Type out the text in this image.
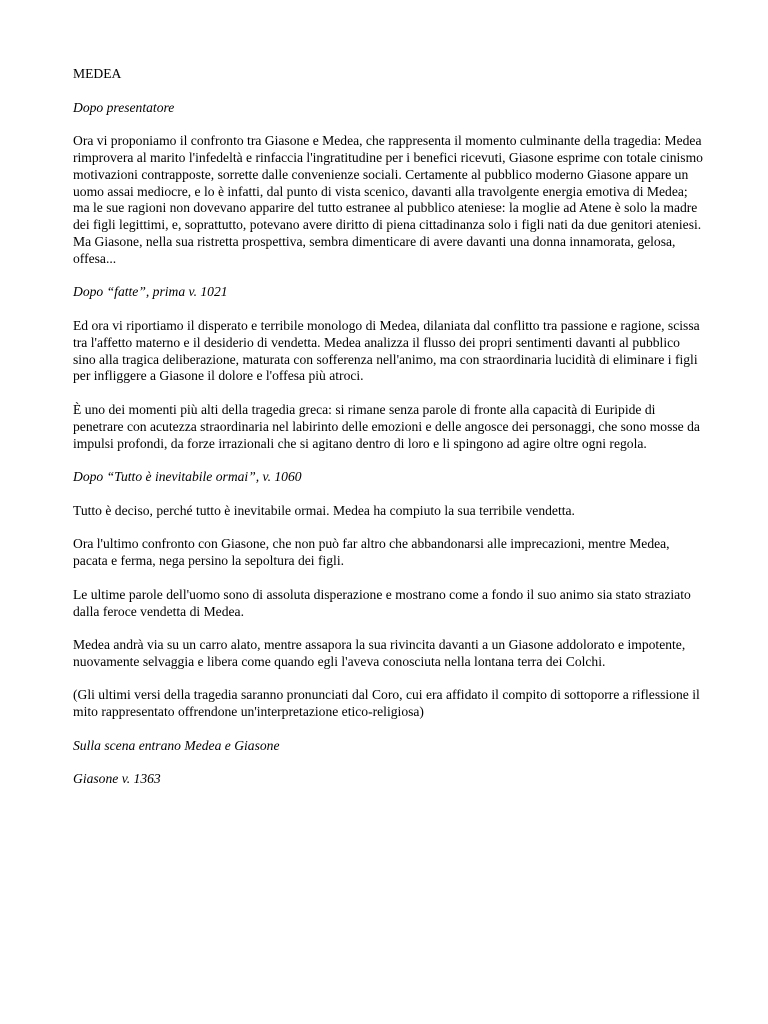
MEDEA

Dopo presentatore

Ora vi proponiamo il confronto tra Giasone e Medea, che rappresenta il momento culminante della tragedia: Medea rimprovera al marito l'infedeltà e rinfaccia l'ingratitudine per i benefici ricevuti, Giasone esprime con totale cinismo motivazioni contrapposte, sorrette dalle convenienze sociali. Certamente al pubblico moderno Giasone appare un uomo assai mediocre, e lo è infatti, dal punto di vista scenico, davanti alla travolgente energia emotiva di Medea; ma le sue ragioni non dovevano apparire del tutto estranee al pubblico ateniese: la moglie ad Atene è solo la madre dei figli legittimi, e, soprattutto, potevano avere diritto di piena cittadinanza solo i figli nati da due genitori ateniesi. Ma Giasone, nella sua ristretta prospettiva, sembra dimenticare di avere davanti una donna innamorata, gelosa, offesa...

Dopo “fatte”, prima v. 1021

Ed ora vi riportiamo il disperato e terribile monologo di Medea, dilaniata dal conflitto tra passione e ragione, scissa tra l'affetto materno e il desiderio di vendetta. Medea analizza il flusso dei propri sentimenti davanti al pubblico sino alla tragica deliberazione, maturata con sofferenza nell'animo, ma con straordinaria lucidità di eliminare i figli per infliggere a Giasone il dolore e l'offesa più atroci.

È uno dei momenti più alti della tragedia greca: si rimane senza parole di fronte alla capacità di Euripide di penetrare con acutezza straordinaria nel labirinto delle emozioni e delle angosce dei personaggi, che sono mosse da impulsi profondi, da forze irrazionali che si agitano dentro di loro e li spingono ad agire oltre ogni regola.

Dopo “Tutto è inevitabile ormai”, v. 1060

Tutto è deciso, perché tutto è inevitabile ormai. Medea ha compiuto la sua terribile vendetta.

Ora l'ultimo confronto con Giasone, che non può far altro che abbandonarsi alle imprecazioni, mentre Medea, pacata e ferma, nega persino la sepoltura dei figli.

Le ultime parole dell'uomo sono di assoluta disperazione e mostrano come a fondo il suo animo sia stato straziato dalla feroce vendetta di Medea.

Medea andrà via su un carro alato, mentre assapora la sua rivincita davanti a un Giasone addolorato e impotente, nuovamente selvaggia e libera come quando egli l'aveva conosciuta nella lontana terra dei Colchi.

(Gli ultimi versi della tragedia saranno pronunciati dal Coro, cui era affidato il compito di sottoporre a riflessione il mito rappresentato offrendone un'interpretazione etico-religiosa)

Sulla scena entrano Medea e Giasone

Giasone v. 1363
